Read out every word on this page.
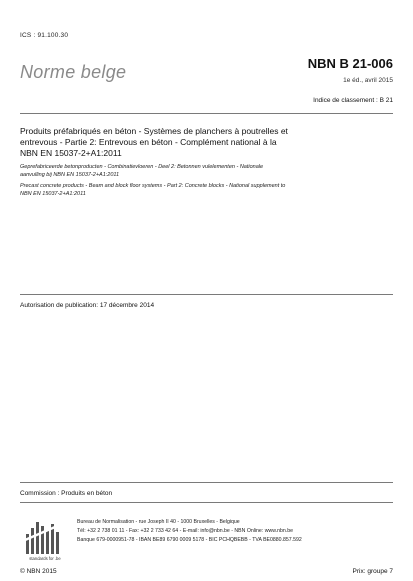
ICS : 91.100.30
Norme belge	NBN B 21-006
1e éd., avril 2015
Indice de classement : B 21
Produits préfabriqués en béton - Systèmes de planchers à poutrelles et
entrevous - Partie 2: Entrevous en béton - Complément national à la
NBN EN 15037-2+A1:2011
Geprefabriceerde betonproducten - Combinatievloeren - Deel 2: Betonnen vulelementen - Nationale
aanvulling bij NBN EN 15037-2+A1:2011
Precast concrete products - Beam and block floor systems - Part 2: Concrete blocks - National supplement to
NBN EN 15037-2+A1:2011
Autorisation de publication: 17 décembre 2014
Commission : Produits en béton
standards for .be
Bureau de Normalisation - rue Joseph II 40 - 1000 Bruxelles - Belgique
Tél: +32 2 738 01 11 - Fax: +32 2 733 42 64 - E-mail: info@nbn.be - NBN Online: www.nbn.be
Banque 679-0000951-78 - IBAN BE89 6790 0009 5178 - BIC PCHQBEBB - TVA BE0880.857.592
© NBN 2015	Prix: groupe 7
